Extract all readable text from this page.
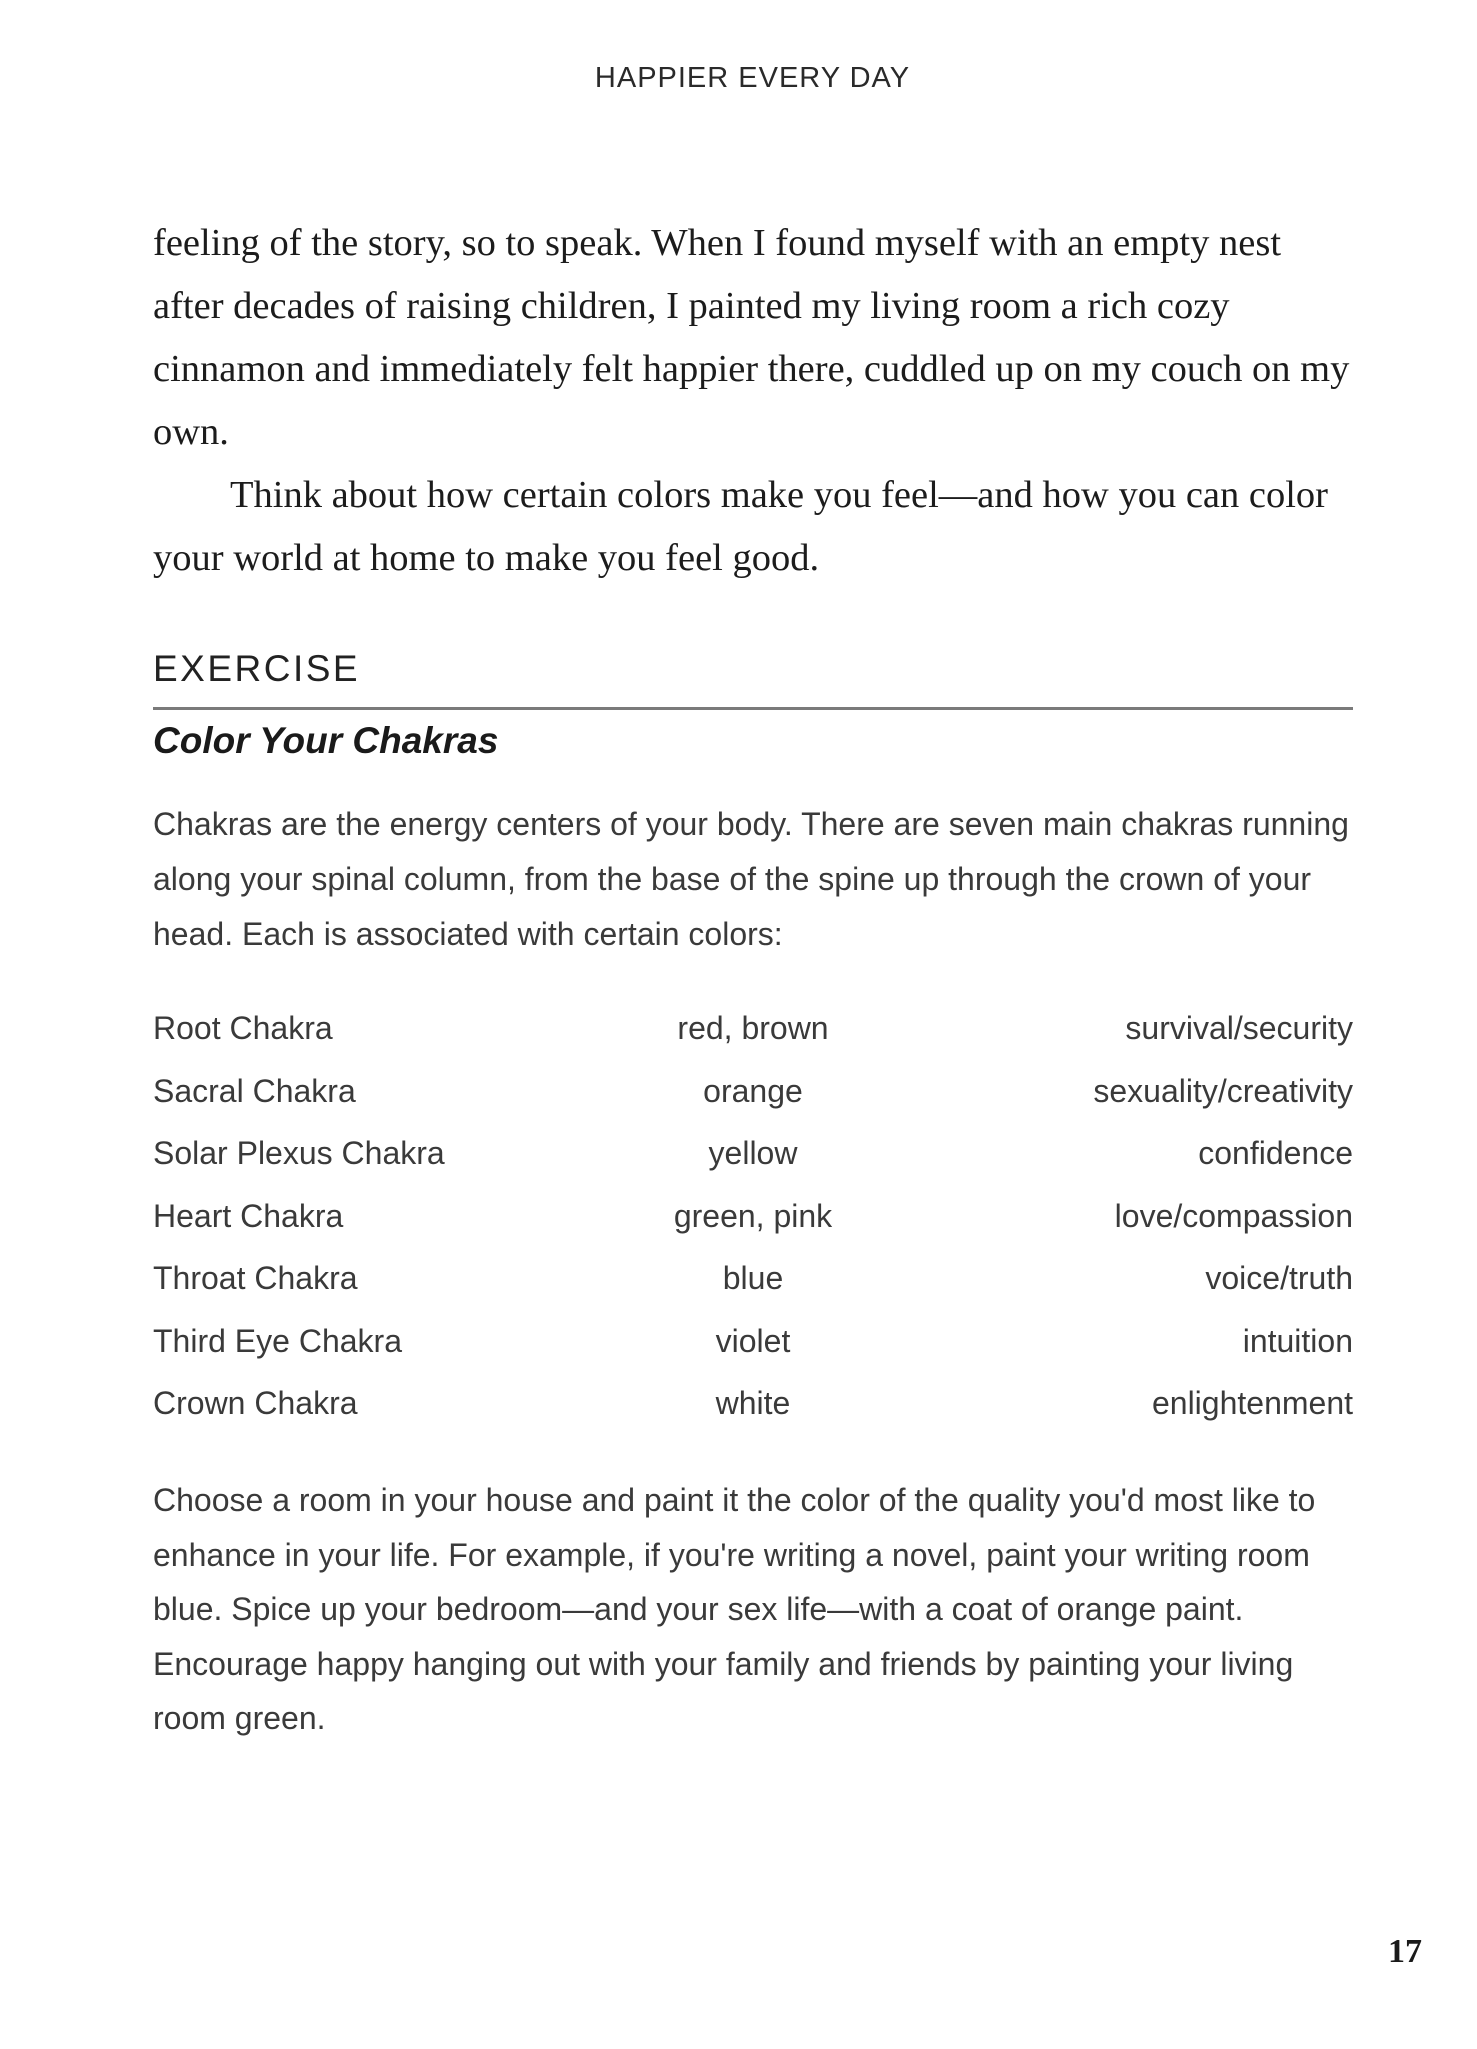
HAPPIER EVERY DAY

feeling of the story, so to speak. When I found myself with an empty nest after decades of raising children, I painted my living room a rich cozy cinnamon and immediately felt happier there, cuddled up on my couch on my own.

Think about how certain colors make you feel—and how you can color your world at home to make you feel good.

EXERCISE
Color Your Chakras

Chakras are the energy centers of your body. There are seven main chakras running along your spinal column, from the base of the spine up through the crown of your head. Each is associated with certain colors:

Root Chakra	red, brown	survival/security
Sacral Chakra	orange	sexuality/creativity
Solar Plexus Chakra	yellow	confidence
Heart Chakra	green, pink	love/compassion
Throat Chakra	blue	voice/truth
Third Eye Chakra	violet	intuition
Crown Chakra	white	enlightenment

Choose a room in your house and paint it the color of the quality you'd most like to enhance in your life. For example, if you're writing a novel, paint your writing room blue. Spice up your bedroom—and your sex life—with a coat of orange paint. Encourage happy hanging out with your family and friends by painting your living room green.

17
